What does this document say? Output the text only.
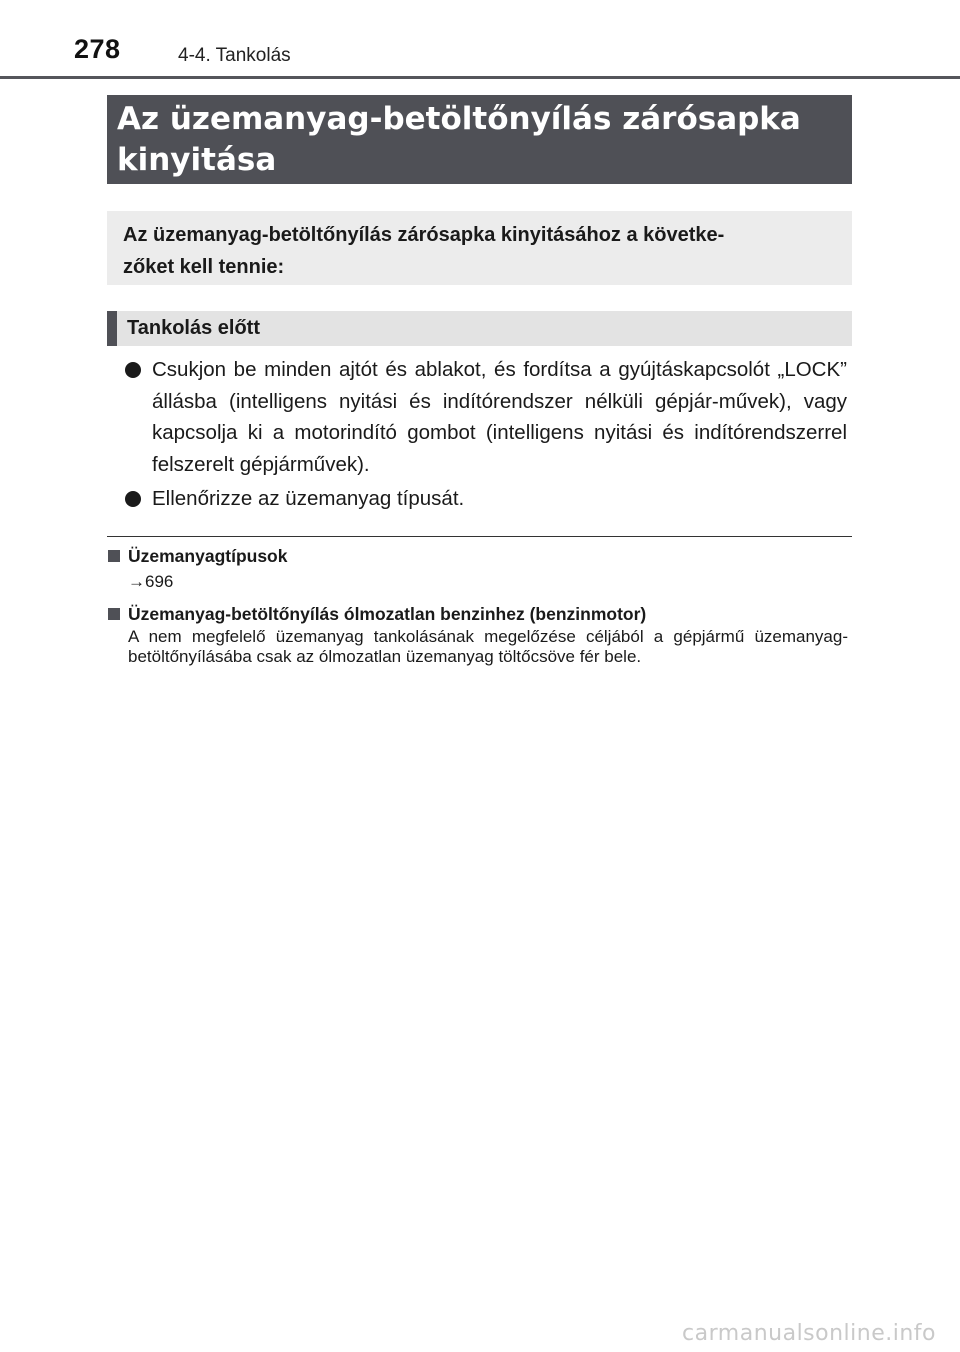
278	4-4. Tankolás
Az üzemanyag-betöltőnyílás zárósapka
kinyitása

Az üzemanyag-betöltőnyílás zárósapka kinyitásához a követke-
zőket kell tennie:

Tankolás előtt
Csukjon be minden ajtót és ablakot, és fordítsa a gyújtáskapcsolót „LOCK” állásba (intelligens nyitási és indítórendszer nélküli gépjár-művek), vagy kapcsolja ki a motorindító gombot (intelligens nyitási és indítórendszerrel felszerelt gépjárművek).
Ellenőrizze az üzemanyag típusát.
Üzemanyagtípusok
→696
Üzemanyag-betöltőnyílás ólmozatlan benzinhez (benzinmotor)
A nem megfelelő üzemanyag tankolásának megelőzése céljából a gépjármű üzemanyag-betöltőnyílásába csak az ólmozatlan üzemanyag töltőcsöve fér bele.
carmanualsonline.info
